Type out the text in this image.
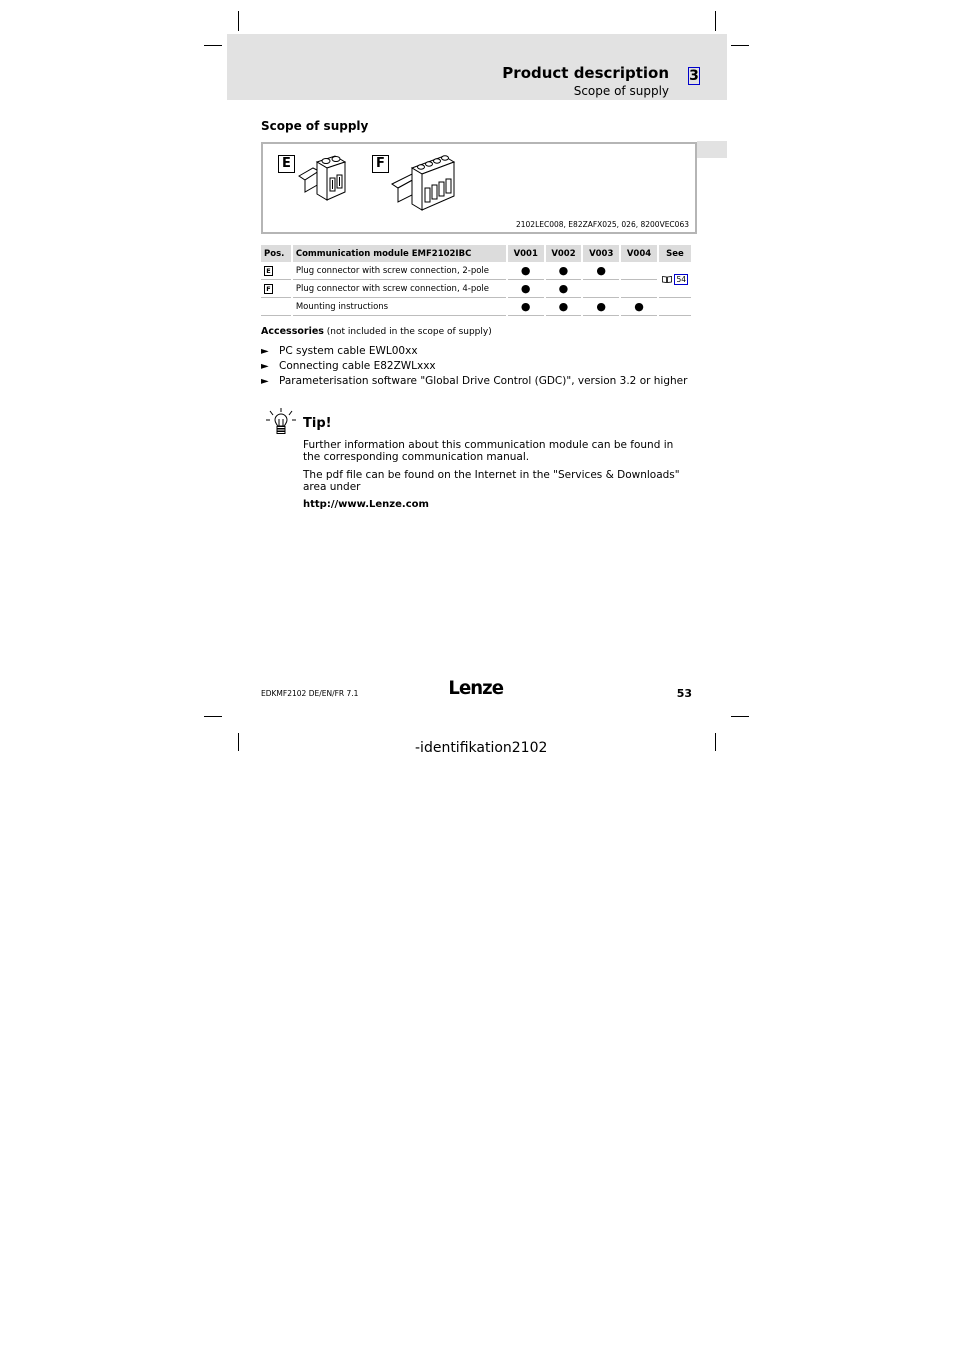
Product description
Scope of supply
3
Scope of supply
E	F
2102LEC008, E82ZAFX025, 026, 8200VEC063
Pos.	Communication module EMF2102IBC	V001	V002	V003	V004	See
E	Plug connector with screw connection, 2-pole	●	●	●		54
F	Plug connector with screw connection, 4-pole	●	●			
	Mounting instructions	●	●	●	●	
Accessories (not included in the scope of supply)
► PC system cable EWL00xx
► Connecting cable E82ZWLxxx
► Parameterisation software "Global Drive Control (GDC)", version 3.2 or higher
Tip!
Further information about this communication module can be found in the corresponding communication manual.
The pdf file can be found on the Internet in the "Services & Downloads" area under
http://www.Lenze.com
EDKMF2102 DE/EN/FR 7.1	Lenze	53
-identifikation2102
